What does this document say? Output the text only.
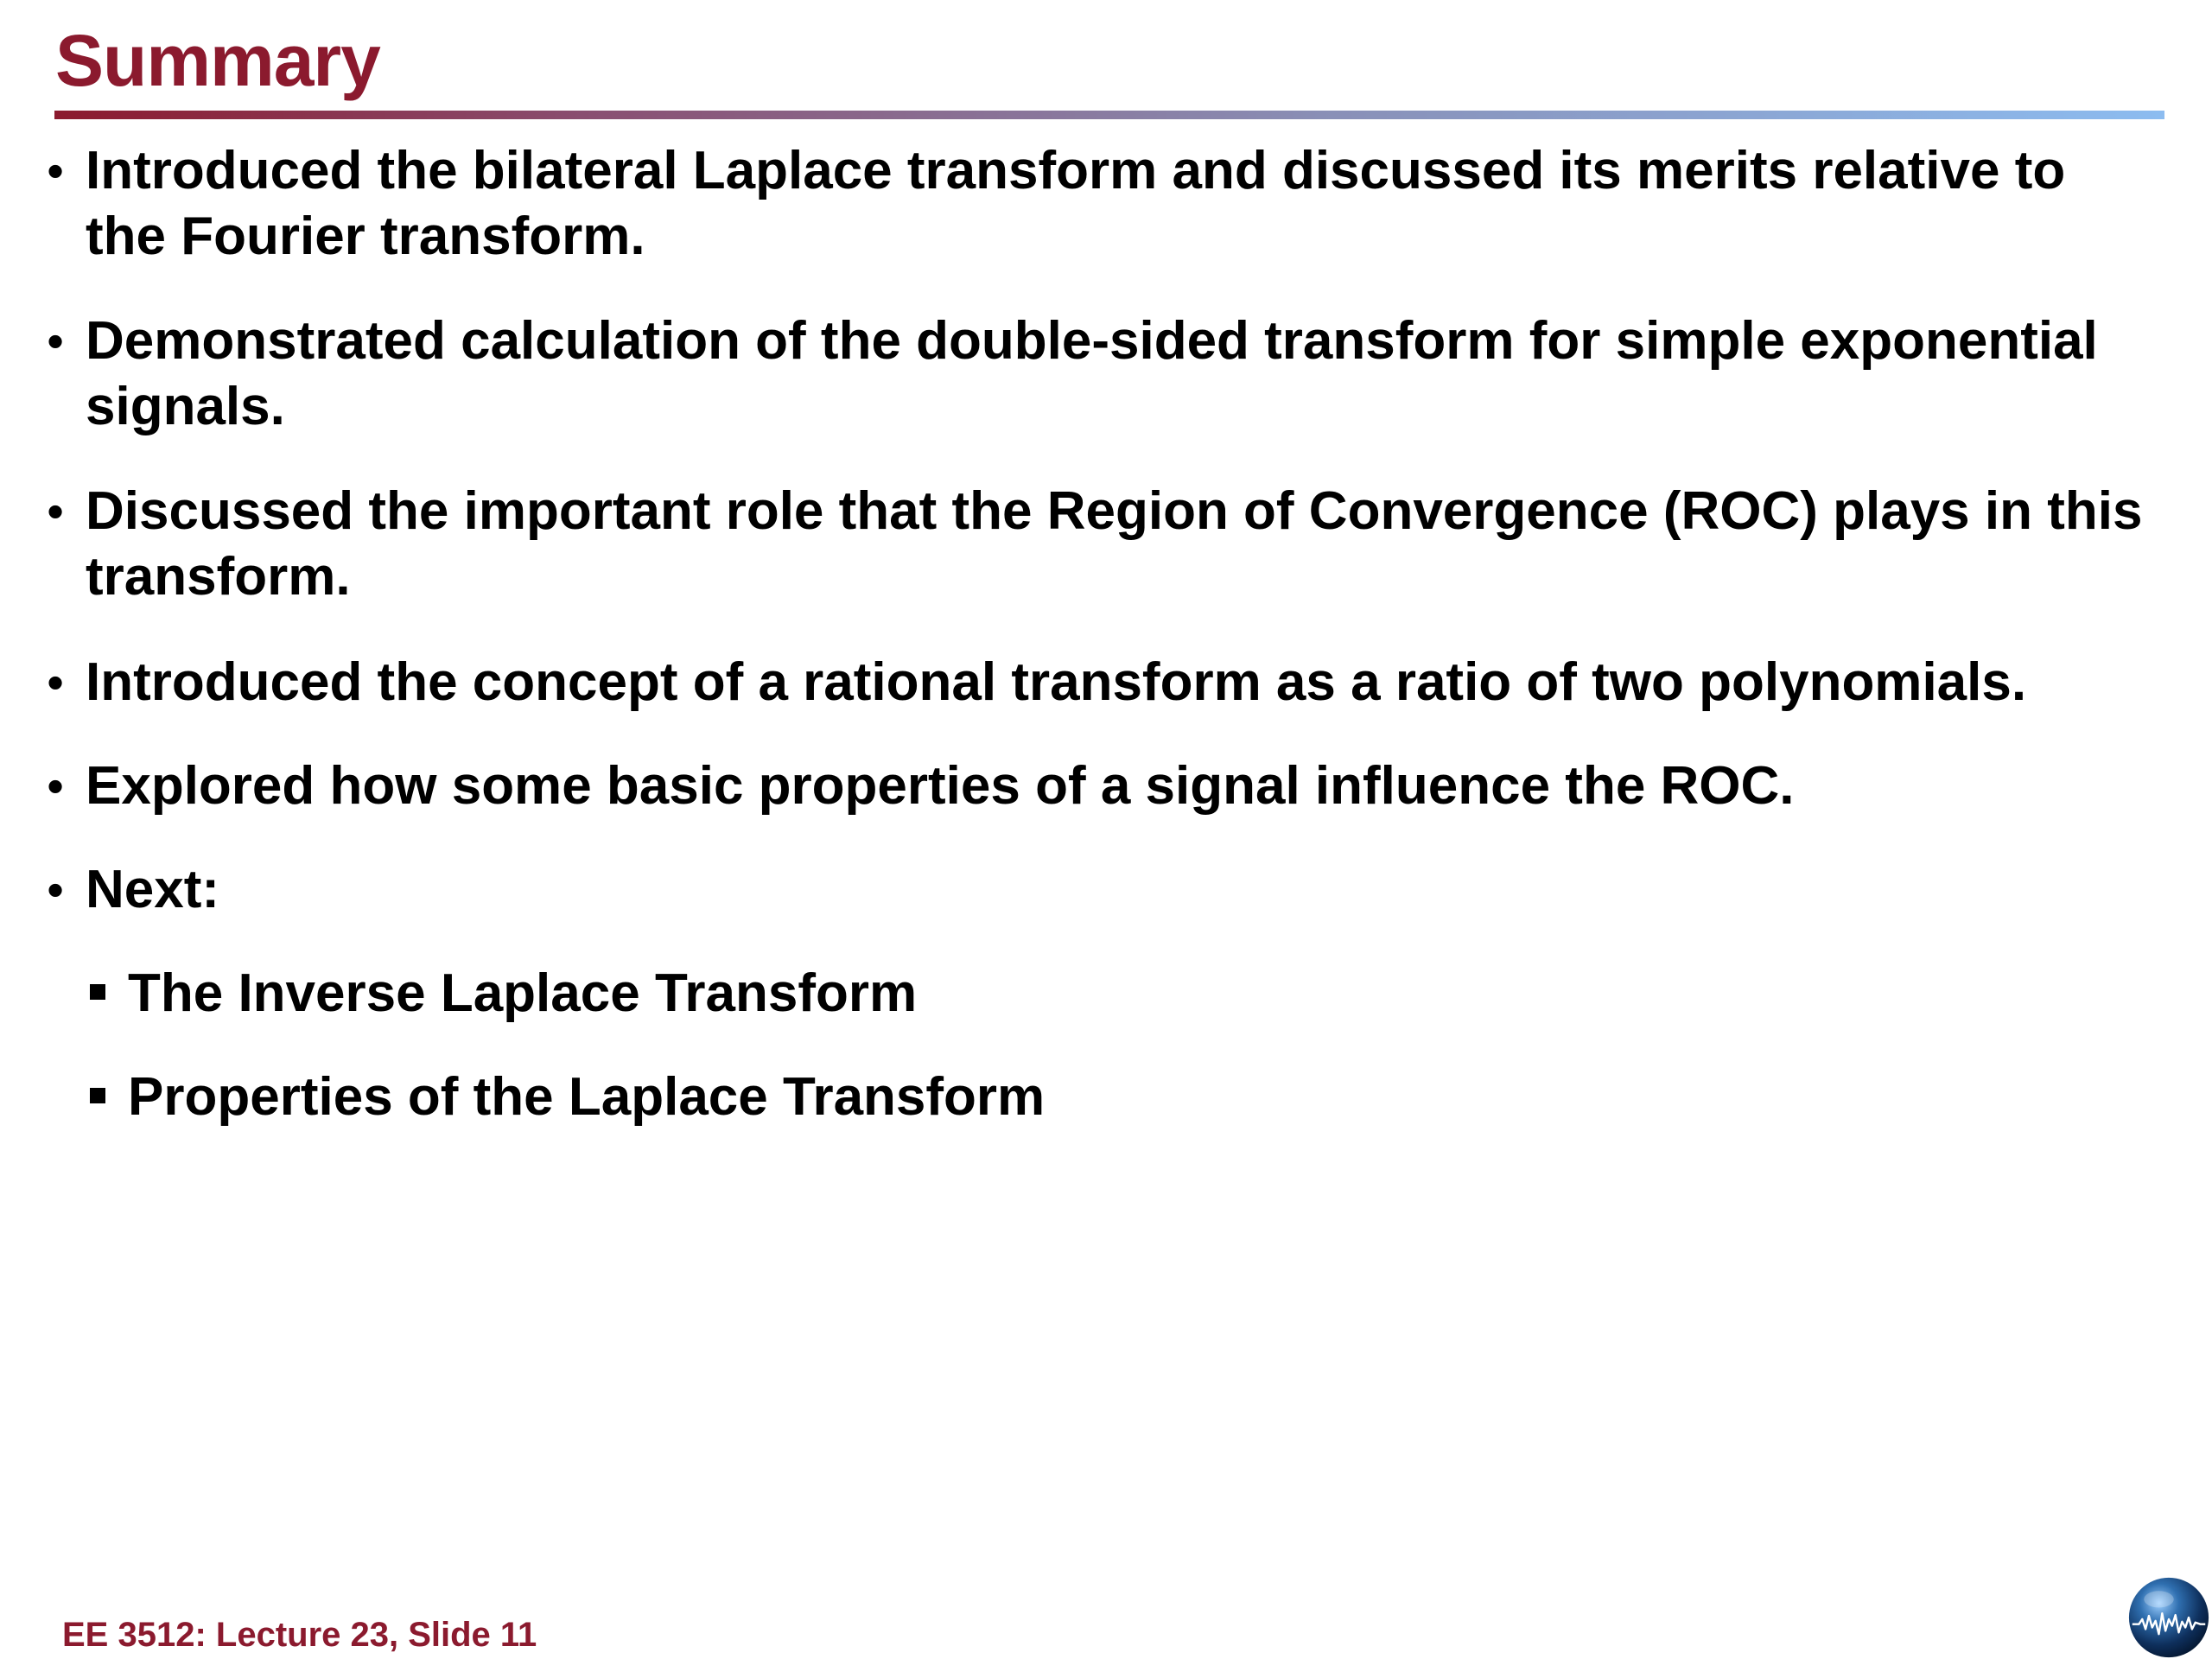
Summary
• Introduced the bilateral Laplace transform and discussed its merits relative to the Fourier transform.
• Demonstrated calculation of the double-sided transform for simple exponential signals.
• Discussed the important role that the Region of Convergence (ROC) plays in this transform.
• Introduced the concept of a rational transform as a ratio of two polynomials.
• Explored how some basic properties of a signal influence the ROC.
• Next:
The Inverse Laplace Transform
Properties of the Laplace Transform
EE 3512: Lecture 23, Slide 11
